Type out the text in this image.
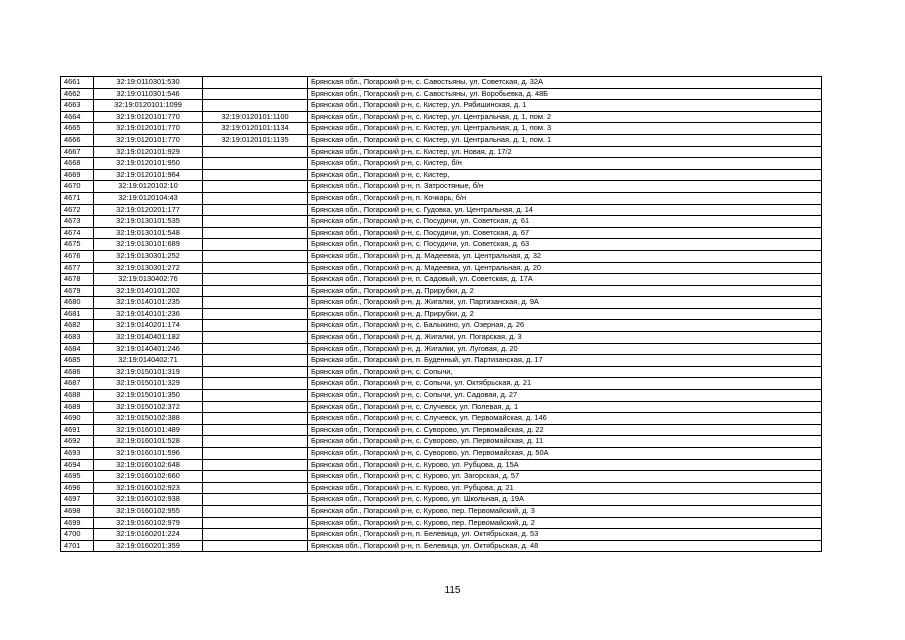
4661	32:19:0110301:530		Брянская обл., Погарский р-н, с. Савостьяны, ул. Советская, д. 32А
4662	32:19:0110301:546		Брянская обл., Погарский р-н, с. Савостьяны, ул. Воробьевка, д. 48Б
4663	32:19:0120101:1099		Брянская обл., Погарский р-н, с. Кистер, ул. Рябишинская, д. 1
4664	32:19:0120101:770	32:19:0120101:1100	Брянская обл., Погарский р-н, с. Кистер, ул. Центральная, д. 1, пом. 2
4665	32:19:0120101:770	32:19:0120101:1134	Брянская обл., Погарский р-н, с. Кистер, ул. Центральная, д. 1, пом. 3
4666	32:19:0120101:770	32:19:0120101:1135	Брянская обл., Погарский р-н, с. Кистер, ул. Центральная, д. 1, пом. 1
4667	32:19:0120101:929		Брянская обл., Погарский р-н, с. Кистер, ул. Новая, д. 17/2
4668	32:19:0120101:950		Брянская обл., Погарский р-н, с. Кистер, б/н
4669	32:19:0120101:964		Брянская обл., Погарский р-н, с. Кистер,
4670	32:19:0120102:10		Брянская обл., Погарский р-н, п. Затростяные, б/н
4671	32:19:0120104:43		Брянская обл., Погарский р-н, п. Кочкарь, б/н
4672	32:19:0120201:177		Брянская обл., Погарский р-н, с. Гудовка, ул. Центральная, д. 14
4673	32:19:0130101:535		Брянская обл., Погарский р-н, с. Посудичи, ул. Советская, д. 61
4674	32:19:0130101:548		Брянская обл., Погарский р-н, с. Посудичи, ул. Советская, д. 67
4675	32:19:0130101:689		Брянская обл., Погарский р-н, с. Посудичи, ул. Советская, д. 63
4676	32:19:0130301:252		Брянская обл., Погарский р-н, д. Мадеевка, ул. Центральная, д. 32
4677	32:19:0130301:272		Брянская обл., Погарский р-н, д. Мадеевка, ул. Центральная, д. 20
4678	32:19:0130402:76		Брянская обл., Погарский р-н, п. Садовый, ул. Советская, д. 17А
4679	32:19:0140101:202		Брянская обл., Погарский р-н, д. Прирубки, д. 2
4680	32:19:0140101:235		Брянская обл., Погарский р-н, д. Жигалки, ул. Партизанская, д. 9А
4681	32:19:0140101:236		Брянская обл., Погарский р-н, д. Прирубки, д. 2
4682	32:19:0140201:174		Брянская обл., Погарский р-н, с. Балыкино, ул. Озерная, д. 26
4683	32:19:0140401:182		Брянская обл., Погарский р-н, д. Жигалки, ул. Погарская, д. 3
4684	32:19:0140401:246		Брянская обл., Погарский р-н, д. Жигалки, ул. Луговая, д. 20
4685	32:19:0140402:71		Брянская обл., Погарский р-н, п. Буденный, ул. Партизанская, д. 17
4686	32:19:0150101:319		Брянская обл., Погарский р-н, с. Сопычи,
4687	32:19:0150101:329		Брянская обл., Погарский р-н, с. Сопычи, ул. Октябрьская, д. 21
4688	32:19:0150101:350		Брянская обл., Погарский р-н, с. Сопычи, ул. Садовая, д. 27
4689	32:19:0150102:372		Брянская обл., Погарский р-н, с. Случевск, ул. Полевая, д. 1
4690	32:19:0150102:388		Брянская обл., Погарский р-н, с. Случевск, ул. Первомайская, д. 146
4691	32:19:0160101:489		Брянская обл., Погарский р-н, с. Суворово, ул. Первомайская, д. 22
4692	32:19:0160101:528		Брянская обл., Погарский р-н, с. Суворово, ул. Первомайская, д. 11
4693	32:19:0160101:596		Брянская обл., Погарский р-н, с. Суворово, ул. Первомайская, д. 50А
4694	32:19:0160102:648		Брянская обл., Погарский р-н, с. Курово, ул. Рубцова, д. 15А
4695	32:19:0160102:660		Брянская обл., Погарский р-н, с. Курово, ул. Загорская, д. 57
4696	32:19:0160102:923		Брянская обл., Погарский р-н, с. Курово, ул. Рубцова, д. 21
4697	32:19:0160102:938		Брянская обл., Погарский р-н, с. Курово, ул. Школьная, д. 19А
4698	32:19:0160102:955		Брянская обл., Погарский р-н, с. Курово, пер. Первомайский, д. 3
4699	32:19:0160102:979		Брянская обл., Погарский р-н, с. Курово, пер. Первомайский, д. 2
4700	32:19:0160201:224		Брянская обл., Погарский р-н, п. Белевица, ул. Октябрьская, д. 53
4701	32:19:0160201:359		Брянская обл., Погарский р-н, п. Белевица, ул. Октябрьская, д. 48
115
